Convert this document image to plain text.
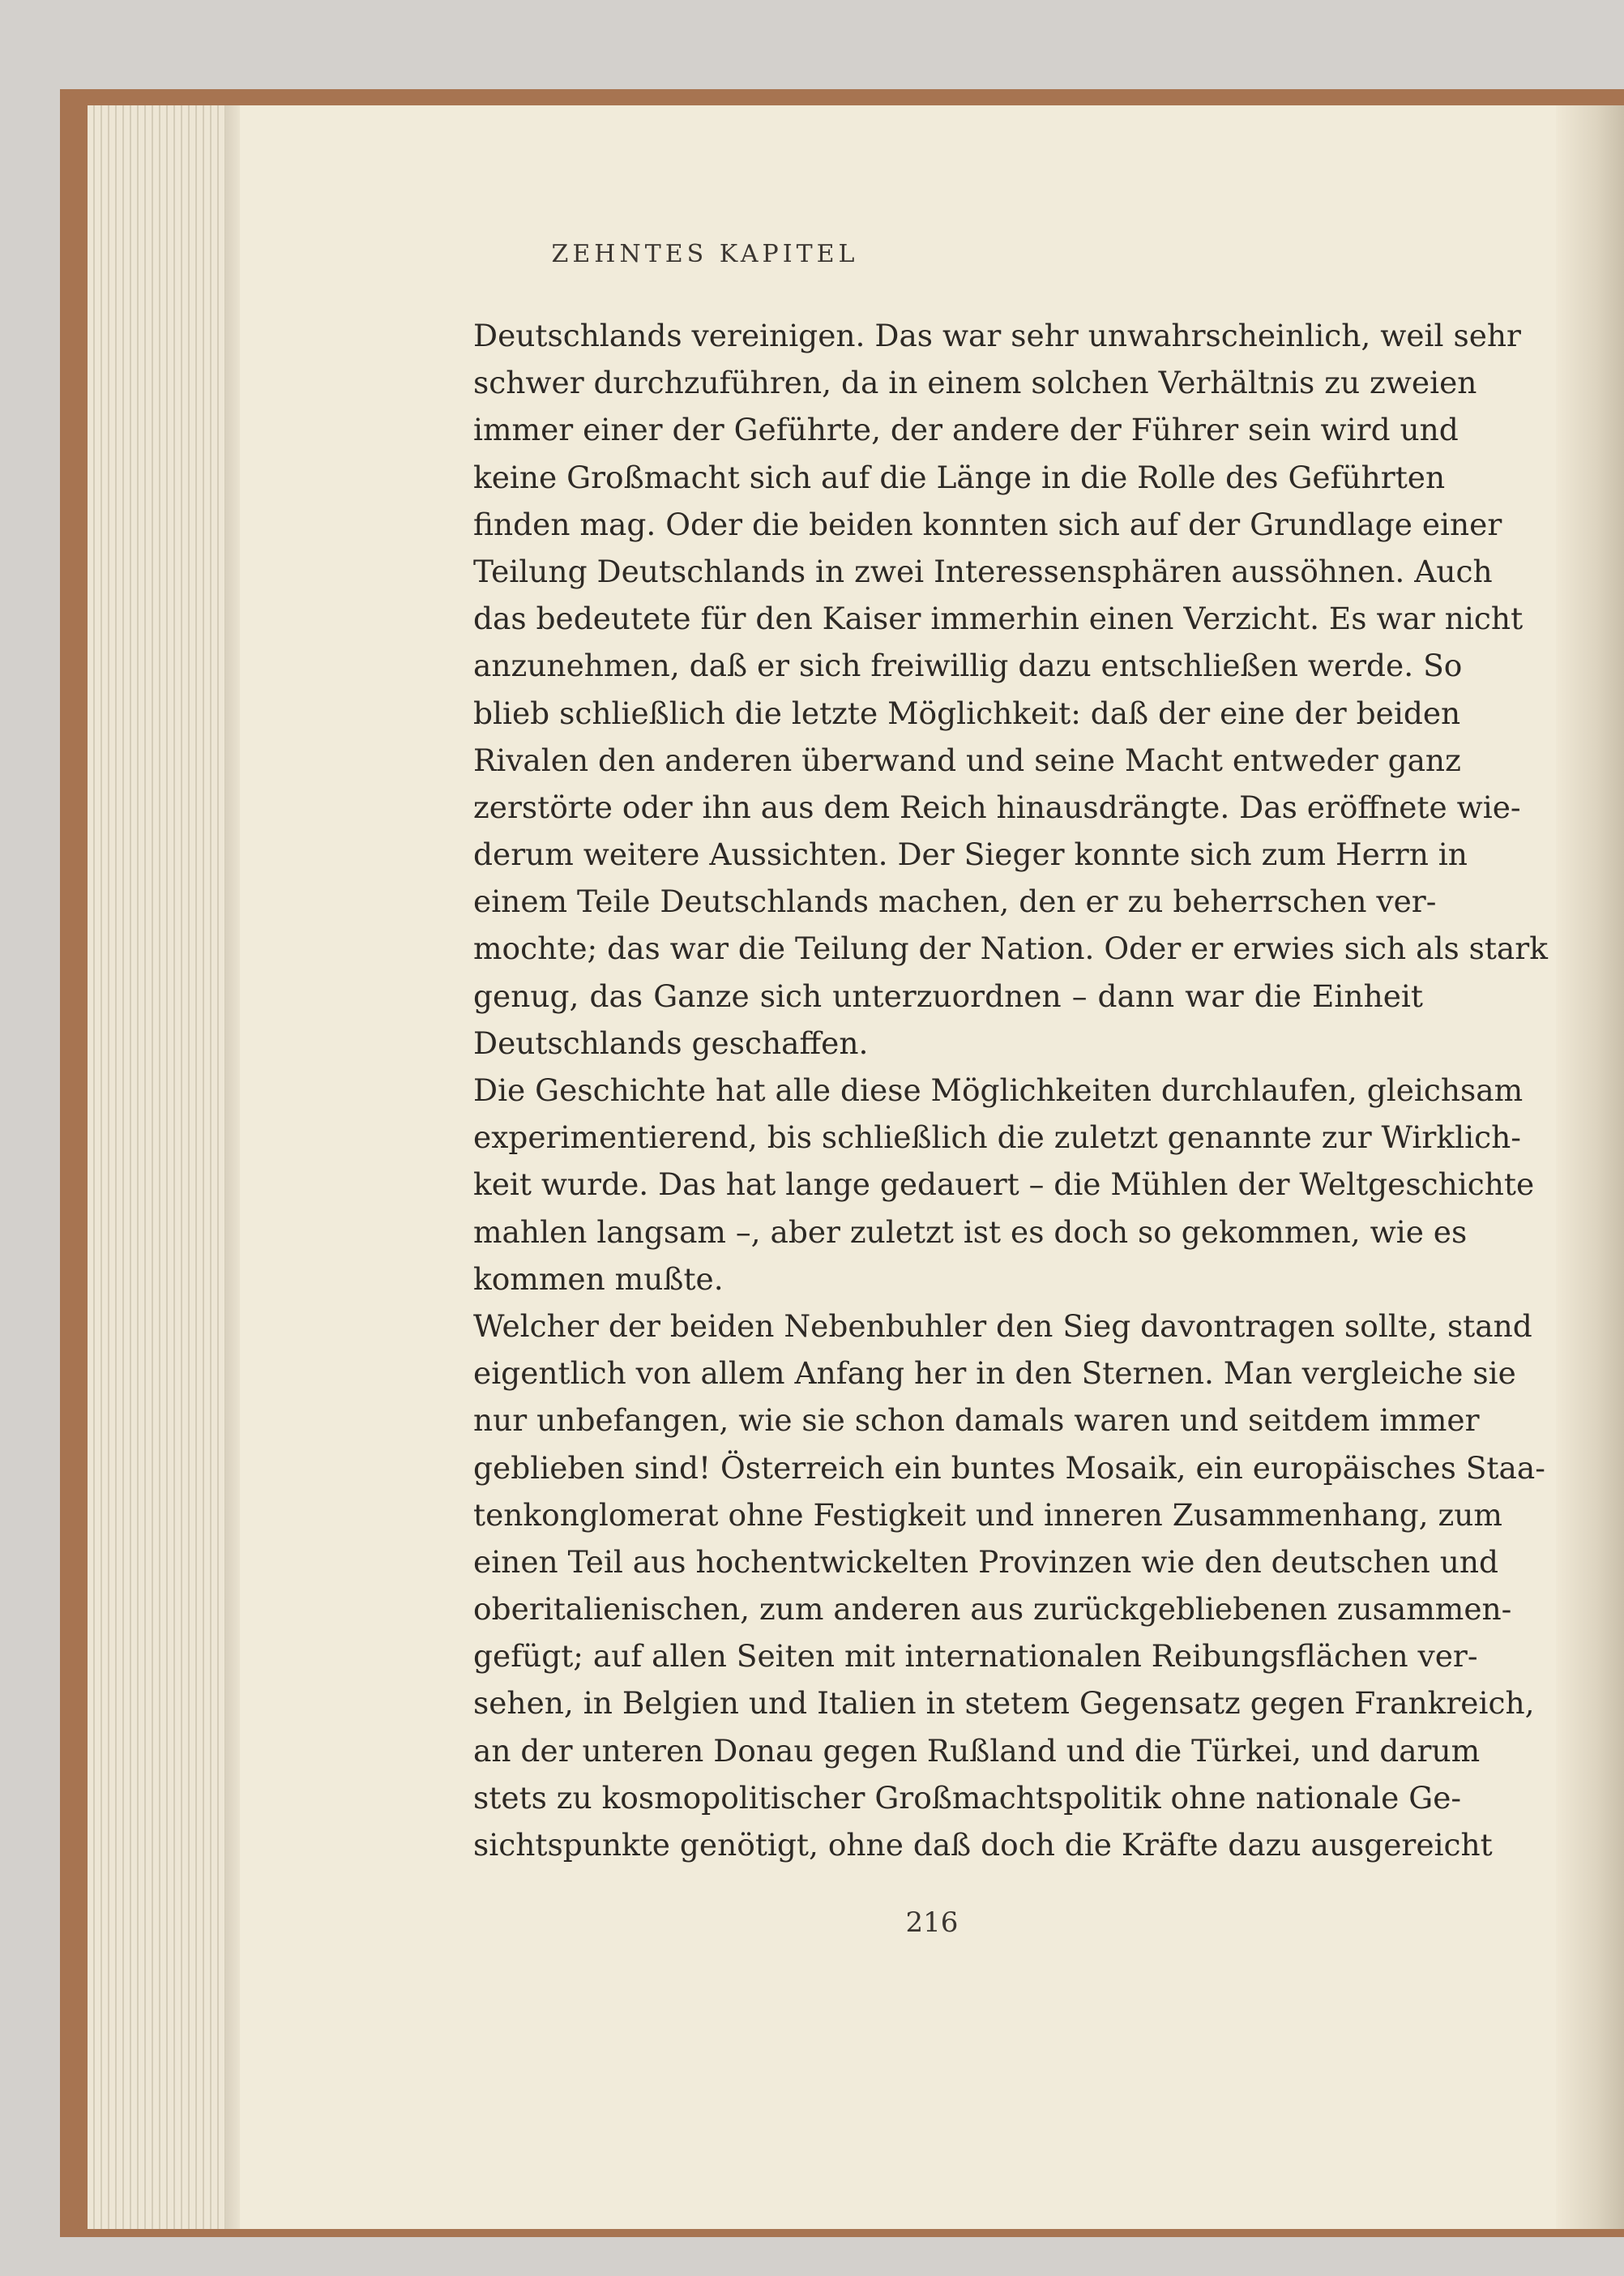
ZEHNTES KAPITEL
Deutschlands vereinigen. Das war sehr unwahrscheinlich, weil sehr
schwer durchzuführen, da in einem solchen Verhältnis zu zweien
immer einer der Geführte, der andere der Führer sein wird und
keine Großmacht sich auf die Länge in die Rolle des Geführten
finden mag. Oder die beiden konnten sich auf der Grundlage einer
Teilung Deutschlands in zwei Interessensphären aussöhnen. Auch
das bedeutete für den Kaiser immerhin einen Verzicht. Es war nicht
anzunehmen, daß er sich freiwillig dazu entschließen werde. So
blieb schließlich die letzte Möglichkeit: daß der eine der beiden
Rivalen den anderen überwand und seine Macht entweder ganz
zerstörte oder ihn aus dem Reich hinausdrängte. Das eröffnete wie-
derum weitere Aussichten. Der Sieger konnte sich zum Herrn in
einem Teile Deutschlands machen, den er zu beherrschen ver-
mochte; das war die Teilung der Nation. Oder er erwies sich als stark
genug, das Ganze sich unterzuordnen – dann war die Einheit
Deutschlands geschaffen.
Die Geschichte hat alle diese Möglichkeiten durchlaufen, gleichsam
experimentierend, bis schließlich die zuletzt genannte zur Wirklich-
keit wurde. Das hat lange gedauert – die Mühlen der Weltgeschichte
mahlen langsam –, aber zuletzt ist es doch so gekommen, wie es
kommen mußte.
Welcher der beiden Nebenbuhler den Sieg davontragen sollte, stand
eigentlich von allem Anfang her in den Sternen. Man vergleiche sie
nur unbefangen, wie sie schon damals waren und seitdem immer
geblieben sind! Österreich ein buntes Mosaik, ein europäisches Staa-
tenkonglomerat ohne Festigkeit und inneren Zusammenhang, zum
einen Teil aus hochentwickelten Provinzen wie den deutschen und
oberitalienischen, zum anderen aus zurückgebliebenen zusammen-
gefügt; auf allen Seiten mit internationalen Reibungsflächen ver-
sehen, in Belgien und Italien in stetem Gegensatz gegen Frankreich,
an der unteren Donau gegen Rußland und die Türkei, und darum
stets zu kosmopolitischer Großmachtspolitik ohne nationale Ge-
sichtspunkte genötigt, ohne daß doch die Kräfte dazu ausgereicht
216
